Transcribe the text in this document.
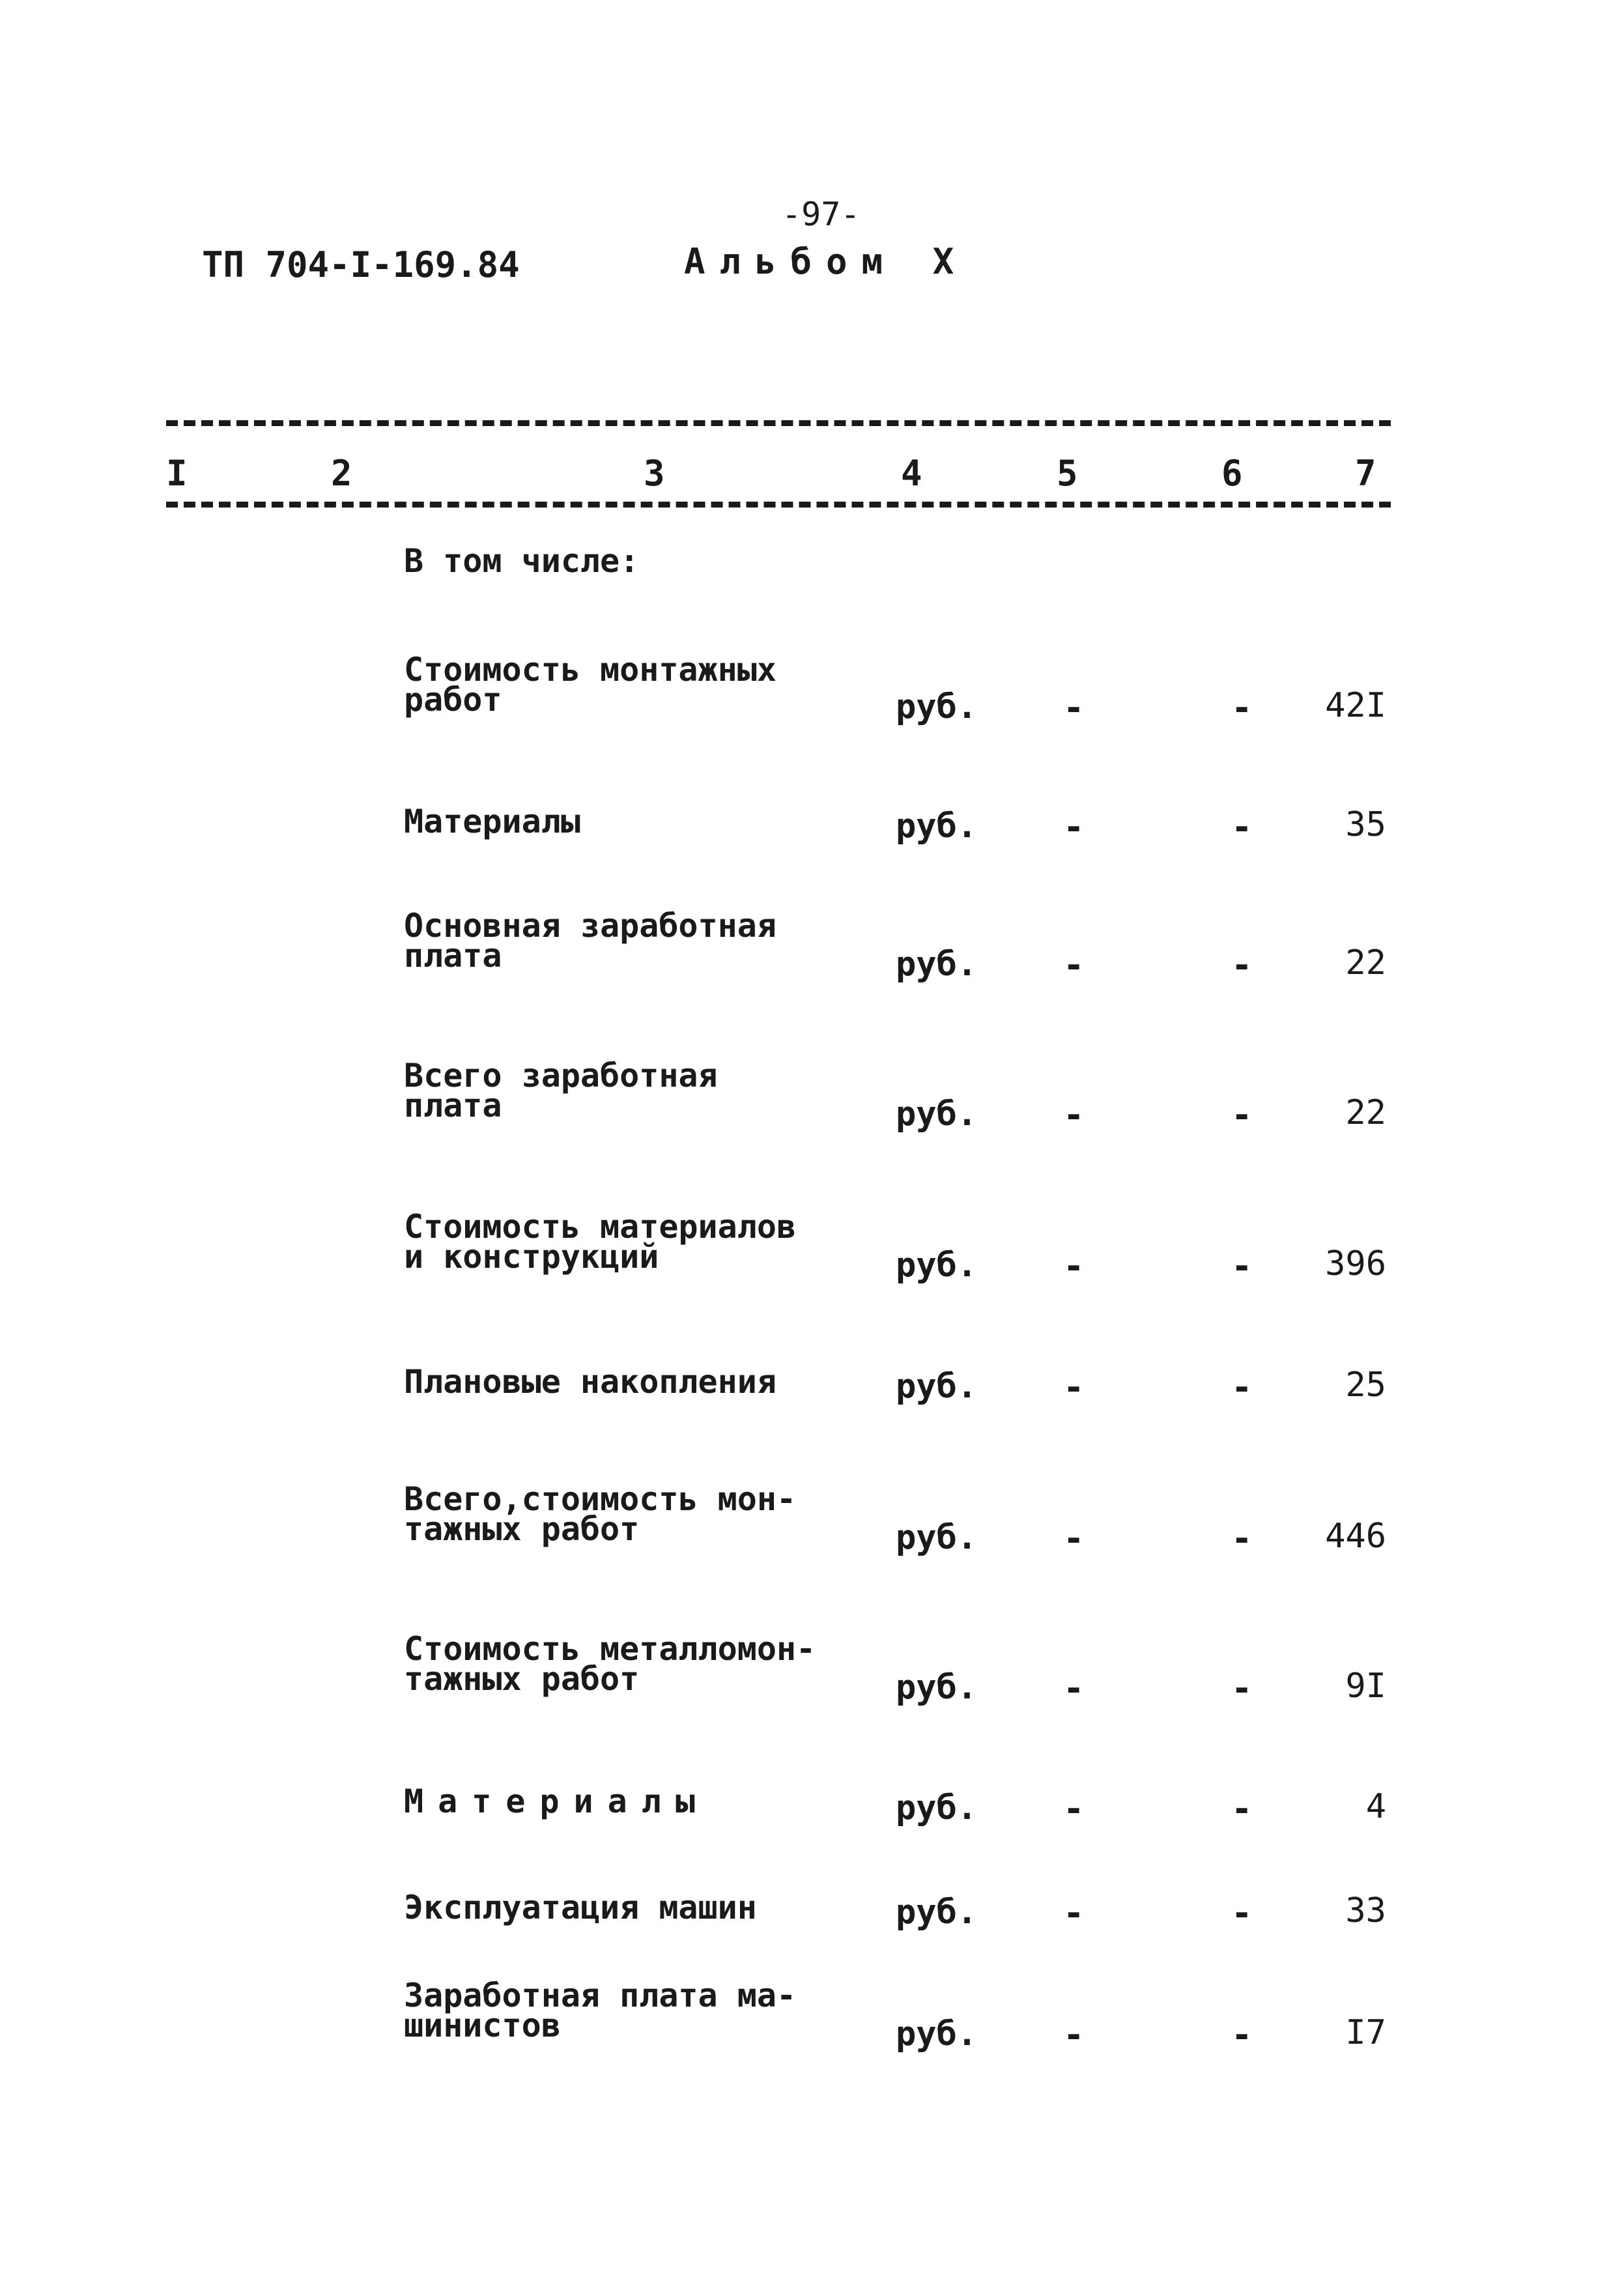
-97-
ТП 704-I-169.84	Альбом X
I	2	3	4	5	6	7
В том числе:
Стоимость монтажных
работ	руб. -	- 42I
Материалы	руб. -	-	35
Основная заработная
плата	руб. -	-	22
Всего заработная
плата	руб. -	-	22
Стоимость материалов
и конструкций	руб. -	- 396
Плановые накопления	руб. -	-	25
Всего,стоимость мон-
тажных работ	руб. -	- 446
Стоимость металломон-
тажных работ	руб. -	-	9I
Материалы	руб. -	-	4
Эксплуатация машин	руб. -	-	33
Заработная плата ма-
шинистов	руб. -	-	I7
